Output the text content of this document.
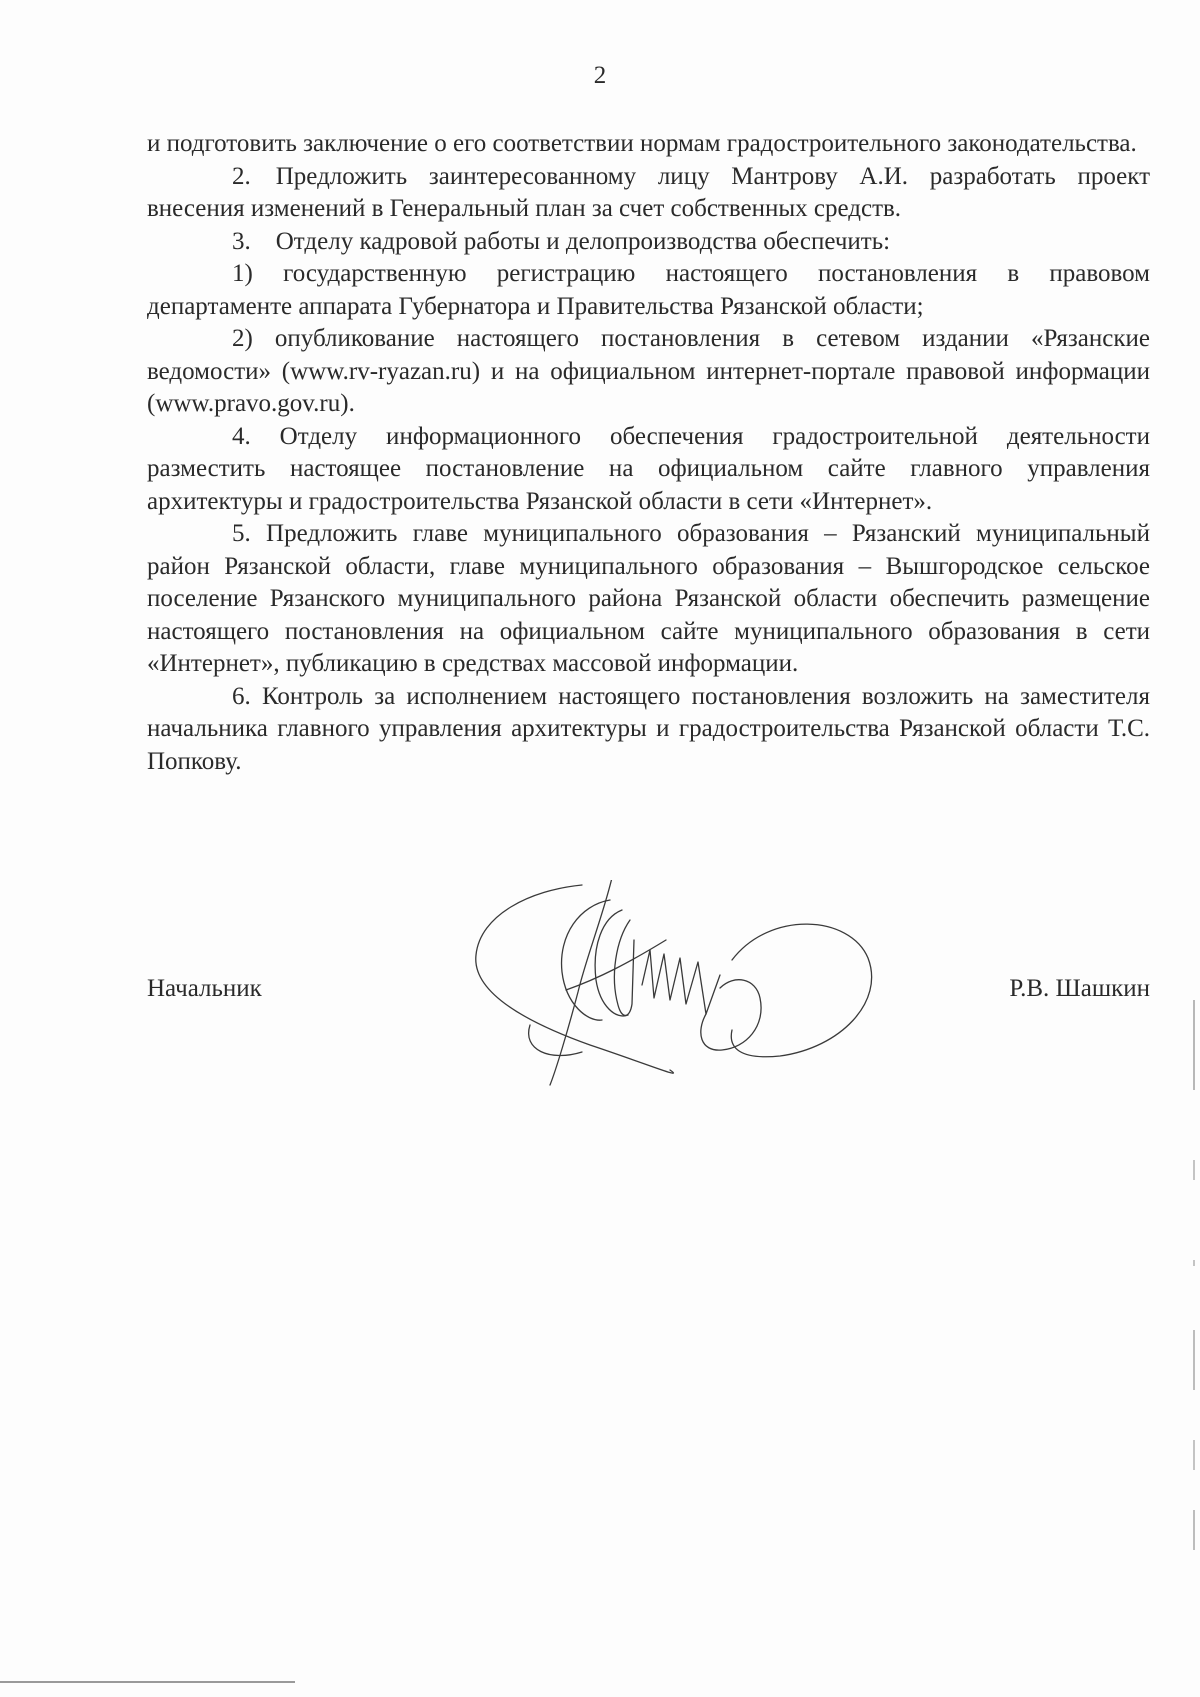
2

и подготовить заключение о его соответствии нормам градостроительного законодательства.

2. Предложить заинтересованному лицу Мантрову А.И. разработать проект внесения изменений в Генеральный план за счет собственных средств.

3. Отделу кадровой работы и делопроизводства обеспечить:

1) государственную регистрацию настоящего постановления в правовом департаменте аппарата Губернатора и Правительства Рязанской области;

2) опубликование настоящего постановления в сетевом издании «Рязанские ведомости» (www.rv-ryazan.ru) и на официальном интернет-портале правовой информации (www.pravo.gov.ru).

4. Отделу информационного обеспечения градостроительной деятельности разместить настоящее постановление на официальном сайте главного управления архитектуры и градостроительства Рязанской области в сети «Интернет».

5. Предложить главе муниципального образования – Рязанский муниципальный район Рязанской области, главе муниципального образования – Вышгородское сельское поселение Рязанского муниципального района Рязанской области обеспечить размещение настоящего постановления на официальном сайте муниципального образования в сети «Интернет», публикацию в средствах массовой информации.

6. Контроль за исполнением настоящего постановления возложить на заместителя начальника главного управления архитектуры и градостроительства Рязанской области Т.С. Попкову.

Начальник	Р.В. Шашкин
